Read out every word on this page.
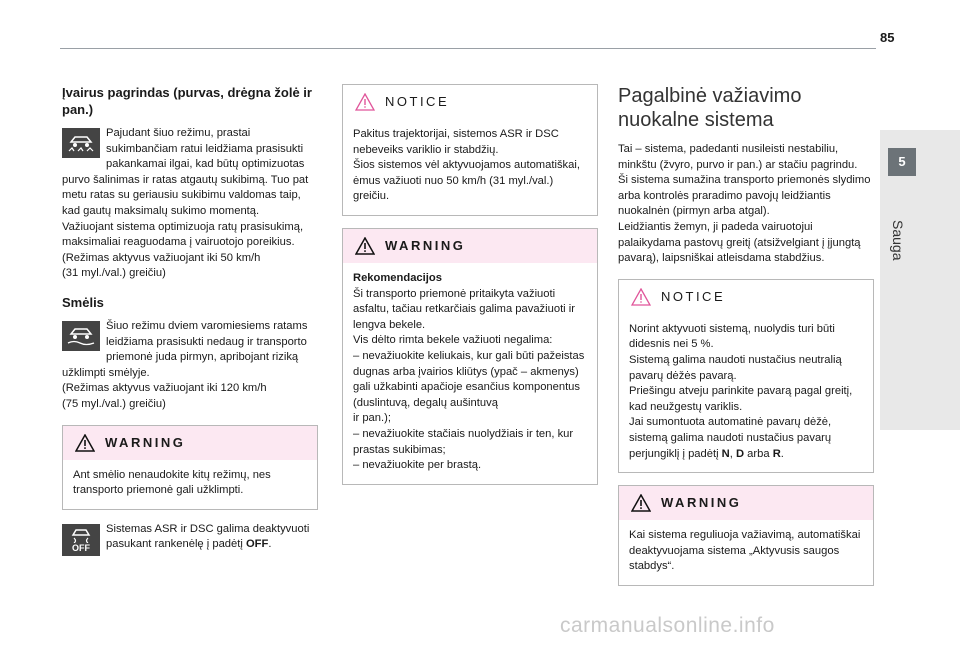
85
5
Sauga
Įvairus pagrindas (purvas, drėgna žolė ir pan.)

Pajudant šiuo režimu, prastai sukimbančiam ratui leidžiama prasisukti pakankamai ilgai, kad būtų optimizuotas purvo šalinimas ir ratas atgautų sukibimą. Tuo pat metu ratas su geriausiu sukibimu valdomas taip, kad gautų maksimalų sukimo momentą.
Važiuojant sistema optimizuoja ratų prasisukimą, maksimaliai reaguodama į vairuotojo poreikius.
(Režimas aktyvus važiuojant iki 50 km/h
(31 myl./val.) greičiu)

Smėlis

Šiuo režimu dviem varomiesiems ratams leidžiama prasisukti nedaug ir transporto priemonė juda pirmyn, apribojant riziką užklimpti smėlyje.
(Režimas aktyvus važiuojant iki 120 km/h
(75 myl./val.) greičiu)

WARNING
Ant smėlio nenaudokite kitų režimų, nes transporto priemonė gali užklimpti.
OFF

Sistemas ASR ir DSC galima deaktyvuoti pasukant rankenėlę į padėtį OFF.

NOTICE
Pakitus trajektorijai, sistemos ASR ir DSC nebeveiks variklio ir stabdžių.
Šios sistemos vėl aktyvuojamos automatiškai, ėmus važiuoti nuo 50 km/h (31 myl./val.) greičiu.
WARNING
Rekomendacijos
Ši transporto priemonė pritaikyta važiuoti asfaltu, tačiau retkarčiais galima pavažiuoti ir lengva bekele.
Vis dėlto rimta bekele važiuoti negalima:
– nevažiuokite keliukais, kur gali būti pažeistas dugnas arba įvairios kliūtys (ypač – akmenys) gali užkabinti apačioje esančius komponentus (duslintuvą, degalų aušintuvą
ir pan.);
– nevažiuokite stačiais nuolydžiais ir ten, kur prastas sukibimas;
– nevažiuokite per brastą.
Pagalbinė važiavimo nuokalne sistema

Tai – sistema, padedanti nusileisti nestabiliu, minkštu (žvyro, purvo ir pan.) ar stačiu pagrindu.
Ši sistema sumažina transporto priemonės slydimo arba kontrolės praradimo pavojų leidžiantis nuokalnėn (pirmyn arba atgal).
Leidžiantis žemyn, ji padeda vairuotojui palaikydama pastovų greitį (atsižvelgiant į įjungtą pavarą), laipsniškai atleisdama stabdžius.

NOTICE
Norint aktyvuoti sistemą, nuolydis turi būti didesnis nei 5 %.
Sistemą galima naudoti nustačius neutralią pavarų dėžės pavarą.
Priešingu atveju parinkite pavarą pagal greitį, kad neužgestų variklis.
Jai sumontuota automatinė pavarų dėžė, sistemą galima naudoti nustačius pavarų perjungiklį į padėtį N, D arba R.
WARNING
Kai sistema reguliuoja važiavimą, automatiškai deaktyvuojama sistema „Aktyvusis saugos stabdys“.
carmanualsonline.info
